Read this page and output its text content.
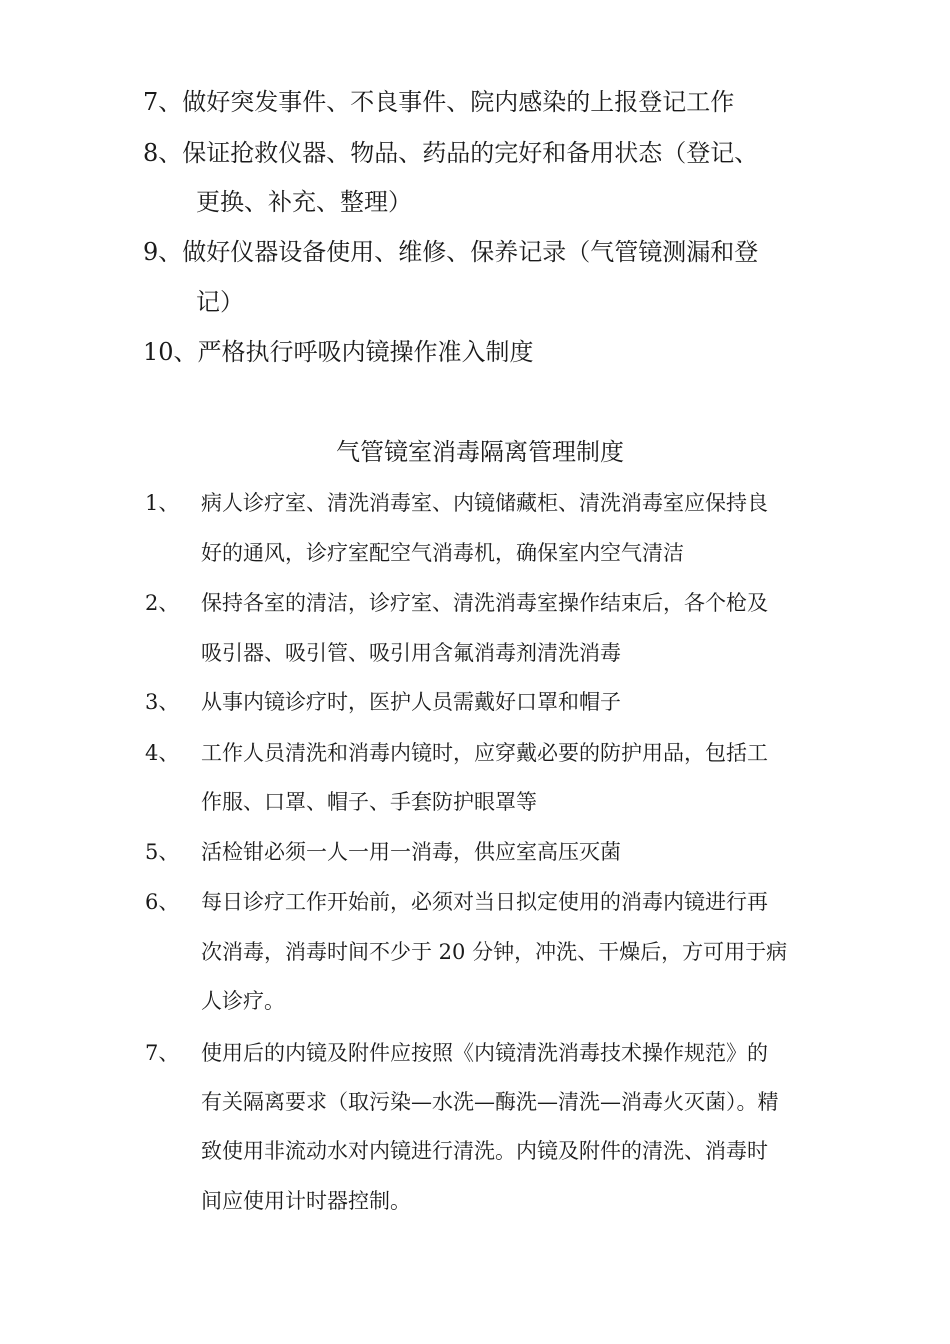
7、做好突发事件、不良事件、院内感染的上报登记工作
8、保证抢救仪器、物品、药品的完好和备用状态（登记、
更换、补充、整理）
9、做好仪器设备使用、维修、保养记录（气管镜测漏和登
记）
10、严格执行呼吸内镜操作准入制度
气管镜室消毒隔离管理制度
1、 病人诊疗室、清洗消毒室、内镜储藏柜、清洗消毒室应保持良
好的通风，诊疗室配空气消毒机，确保室内空气清洁
2、 保持各室的清洁，诊疗室、清洗消毒室操作结束后，各个枪及
吸引器、吸引管、吸引用含氟消毒剂清洗消毒
3、 从事内镜诊疗时，医护人员需戴好口罩和帽子
4、 工作人员清洗和消毒内镜时，应穿戴必要的防护用品，包括工
作服、口罩、帽子、手套防护眼罩等
5、 活检钳必须一人一用一消毒，供应室高压灭菌
6、 每日诊疗工作开始前，必须对当日拟定使用的消毒内镜进行再
次消毒，消毒时间不少于 20 分钟，冲洗、干燥后，方可用于病
人诊疗。
7、 使用后的内镜及附件应按照《内镜清洗消毒技术操作规范》的
有关隔离要求（取污染—水洗—酶洗—清洗—消毒火灭菌）。精
致使用非流动水对内镜进行清洗。内镜及附件的清洗、消毒时
间应使用计时器控制。
